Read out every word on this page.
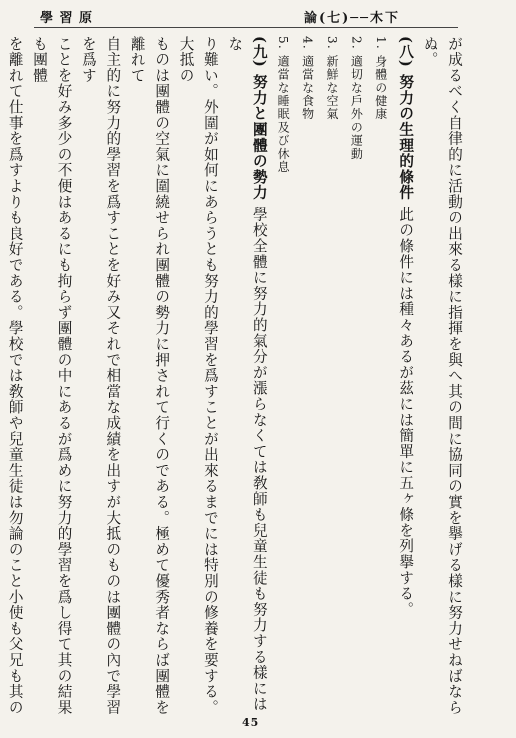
學 習 原	論(七)──木下
が成るべく自律的に活動の出來る樣に指揮を與へ其の間に協同の實を擧げる樣に努力せねばならぬ。
(八) 努力の生理的條件 此の條件には種々あるが茲には簡單に五ヶ條を列擧する。
1. 身體の健康
2. 適切な戶外の運動
3. 新鮮な空氣
4. 適當な食物
5. 適當な睡眠及び休息
(九) 努力と團體の勢力 學校全體に努力的氣分が漲らなくては敎師も兒童生徒も努力する樣にはな
り難い。外圍が如何にあらうとも努力的學習を爲すことが出來るまでには特別の修養を要する。大抵の
ものは團體の空氣に圍繞せられ團體の勢力に押されて行くのである。極めて優秀者ならば團體を離れて
自主的に努力的學習を爲すことを好み又それで相當な成績を出すが大抵のものは團體の內で學習を爲す
ことを好み多少の不便はあるにも拘らず團體の中にあるが爲めに努力的學習を爲し得て其の結果も團體
を離れて仕事を爲すよりも良好である。學校では敎師や兒童生徒は勿論のこと小使も父兄も其の
45
